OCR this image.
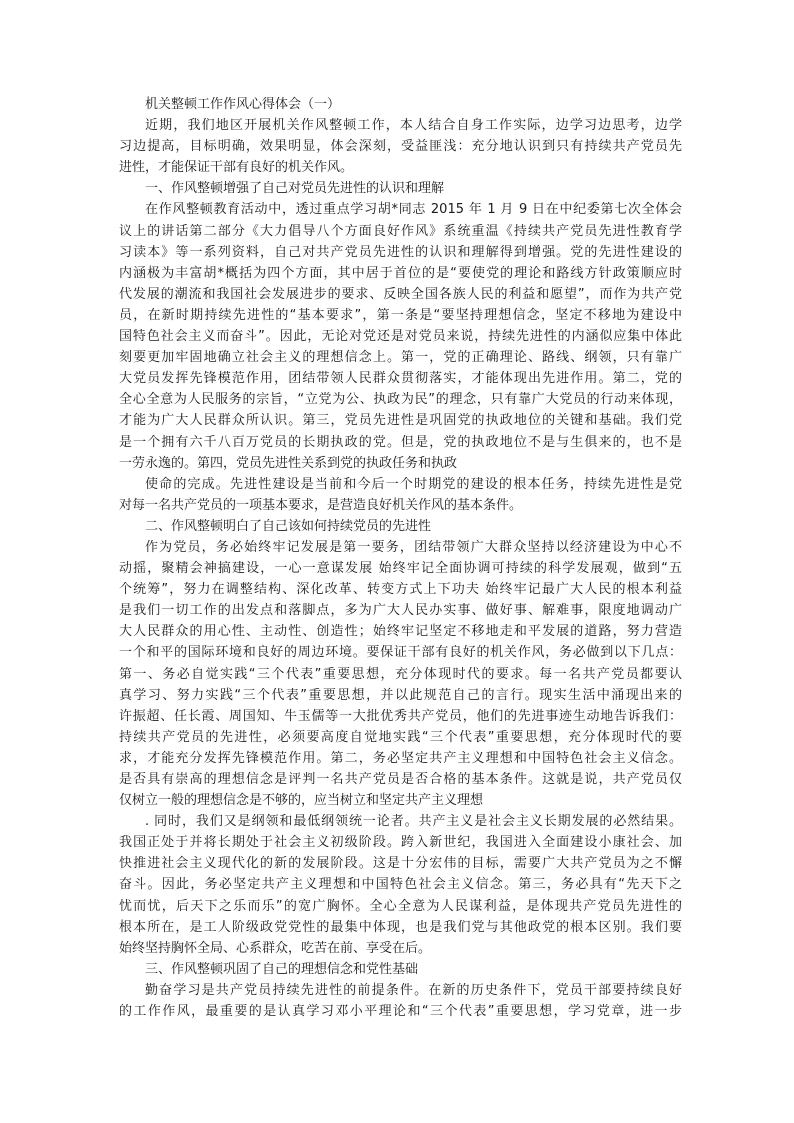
机关整顿工作作风心得体会（一）
近期，我们地区开展机关作风整顿工作，本人结合自身工作实际，边学习边思考，边学
习边提高，目标明确，效果明显，体会深刻，受益匪浅：充分地认识到只有持续共产党员先
进性，才能保证干部有良好的机关作风。
一、作风整顿增强了自己对党员先进性的认识和理解
在作风整顿教育活动中，透过重点学习胡*同志 2015 年 1 月 9 日在中纪委第七次全体会
议上的讲话第二部分《大力倡导八个方面良好作风》系统重温《持续共产党员先进性教育学
习读本》等一系列资料，自己对共产党员先进性的认识和理解得到增强。党的先进性建设的
内涵极为丰富胡*概括为四个方面，其中居于首位的是“要使党的理论和路线方针政策顺应时
代发展的潮流和我国社会发展进步的要求、反映全国各族人民的利益和愿望”，而作为共产党
员，在新时期持续先进性的“基本要求”，第一条是“要坚持理想信念，坚定不移地为建设中
国特色社会主义而奋斗”。因此，无论对党还是对党员来说，持续先进性的内涵似应集中体此
刻要更加牢固地确立社会主义的理想信念上。第一，党的正确理论、路线、纲领，只有靠广
大党员发挥先锋模范作用，团结带领人民群众贯彻落实，才能体现出先进作用。第二，党的
全心全意为人民服务的宗旨，“立党为公、执政为民”的理念，只有靠广大党员的行动来体现，
才能为广大人民群众所认识。第三，党员先进性是巩固党的执政地位的关键和基础。我们党
是一个拥有六千八百万党员的长期执政的党。但是，党的执政地位不是与生俱来的，也不是
一劳永逸的。第四，党员先进性关系到党的执政任务和执政
使命的完成。先进性建设是当前和今后一个时期党的建设的根本任务，持续先进性是党
对每一名共产党员的一项基本要求，是营造良好机关作风的基本条件。
二、作风整顿明白了自己该如何持续党员的先进性
作为党员，务必始终牢记发展是第一要务，团结带领广大群众坚持以经济建设为中心不
动摇，聚精会神搞建设，一心一意谋发展 始终牢记全面协调可持续的科学发展观，做到“五
个统筹”，努力在调整结构、深化改革、转变方式上下功夫 始终牢记最广大人民的根本利益
是我们一切工作的出发点和落脚点，多为广大人民办实事、做好事、解难事，限度地调动广
大人民群众的用心性、主动性、创造性；始终牢记坚定不移地走和平发展的道路，努力营造
一个和平的国际环境和良好的周边环境。要保证干部有良好的机关作风，务必做到以下几点：
第一、务必自觉实践“三个代表”重要思想，充分体现时代的要求。每一名共产党员都要认
真学习、努力实践“三个代表”重要思想，并以此规范自己的言行。现实生活中涌现出来的
许振超、任长霞、周国知、牛玉儒等一大批优秀共产党员，他们的先进事迹生动地告诉我们：
持续共产党员的先进性，必须要高度自觉地实践“三个代表”重要思想，充分体现时代的要
求，才能充分发挥先锋模范作用。第二，务必坚定共产主义理想和中国特色社会主义信念。
是否具有崇高的理想信念是评判一名共产党员是否合格的基本条件。这就是说，共产党员仅
仅树立一般的理想信念是不够的，应当树立和坚定共产主义理想
. 同时，我们又是纲领和最低纲领统一论者。共产主义是社会主义长期发展的必然结果。
我国正处于并将长期处于社会主义初级阶段。跨入新世纪，我国进入全面建设小康社会、加
快推进社会主义现代化的新的发展阶段。这是十分宏伟的目标，需要广大共产党员为之不懈
奋斗。因此，务必坚定共产主义理想和中国特色社会主义信念。第三，务必具有“先天下之
忧而忧，后天下之乐而乐”的宽广胸怀。全心全意为人民谋利益，是体现共产党员先进性的
根本所在，是工人阶级政党党性的最集中体现，也是我们党与其他政党的根本区别。我们要
始终坚持胸怀全局、心系群众，吃苦在前、享受在后。
三、作风整顿巩固了自己的理想信念和党性基础
勤奋学习是共产党员持续先进性的前提条件。在新的历史条件下，党员干部要持续良好
的工作作风，最重要的是认真学习邓小平理论和“三个代表”重要思想，学习党章，进一步
